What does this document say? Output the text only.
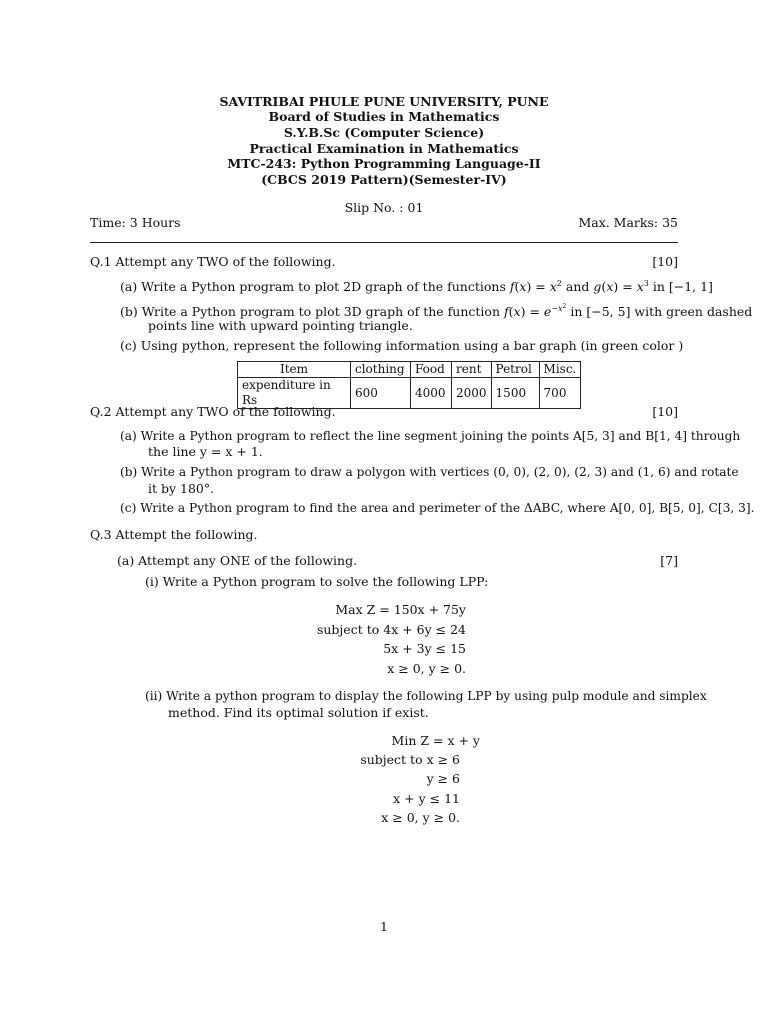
SAVITRIBAI PHULE PUNE UNIVERSITY, PUNE
Board of Studies in Mathematics
S.Y.B.Sc (Computer Science)
Practical Examination in Mathematics
MTC-243: Python Programming Language-II
(CBCS 2019 Pattern)(Semester-IV)
Slip No. : 01
Time: 3 Hours	Max. Marks: 35
Q.1 Attempt any TWO of the following.	[10]
(a) Write a Python program to plot 2D graph of the functions $f(x) = x^2$ and $g(x) = x^3$ in [−1, 1]
(b) Write a Python program to plot 3D graph of the function $f(x) = e^{-x^2}$ in [−5, 5] with green dashed
points line with upward pointing triangle.
(c) Using python, represent the following information using a bar graph (in green color )
Item	clothing	Food	rent	Petrol	Misc.
expenditure in Rs	600	4000	2000	1500	700
Q.2 Attempt any TWO of the following.	[10]
(a) Write a Python program to reflect the line segment joining the points A[5, 3] and B[1, 4] through
the line y = x + 1.
(b) Write a Python program to draw a polygon with vertices (0, 0), (2, 0), (2, 3) and (1, 6) and rotate
it by 180°.
(c) Write a Python program to find the area and perimeter of the ΔABC, where A[0, 0], B[5, 0], C[3, 3].
Q.3 Attempt the following.
(a) Attempt any ONE of the following.	[7]
(i) Write a Python program to solve the following LPP:
Max Z = 150x + 75y
subject to 4x + 6y ≤ 24
5x + 3y ≤ 15
x ≥ 0, y ≥ 0.
(ii) Write a python program to display the following LPP by using pulp module and simplex
method. Find its optimal solution if exist.
Min Z = x + y
subject to x ≥ 6
y ≥ 6
x + y ≤ 11
x ≥ 0, y ≥ 0.
1
